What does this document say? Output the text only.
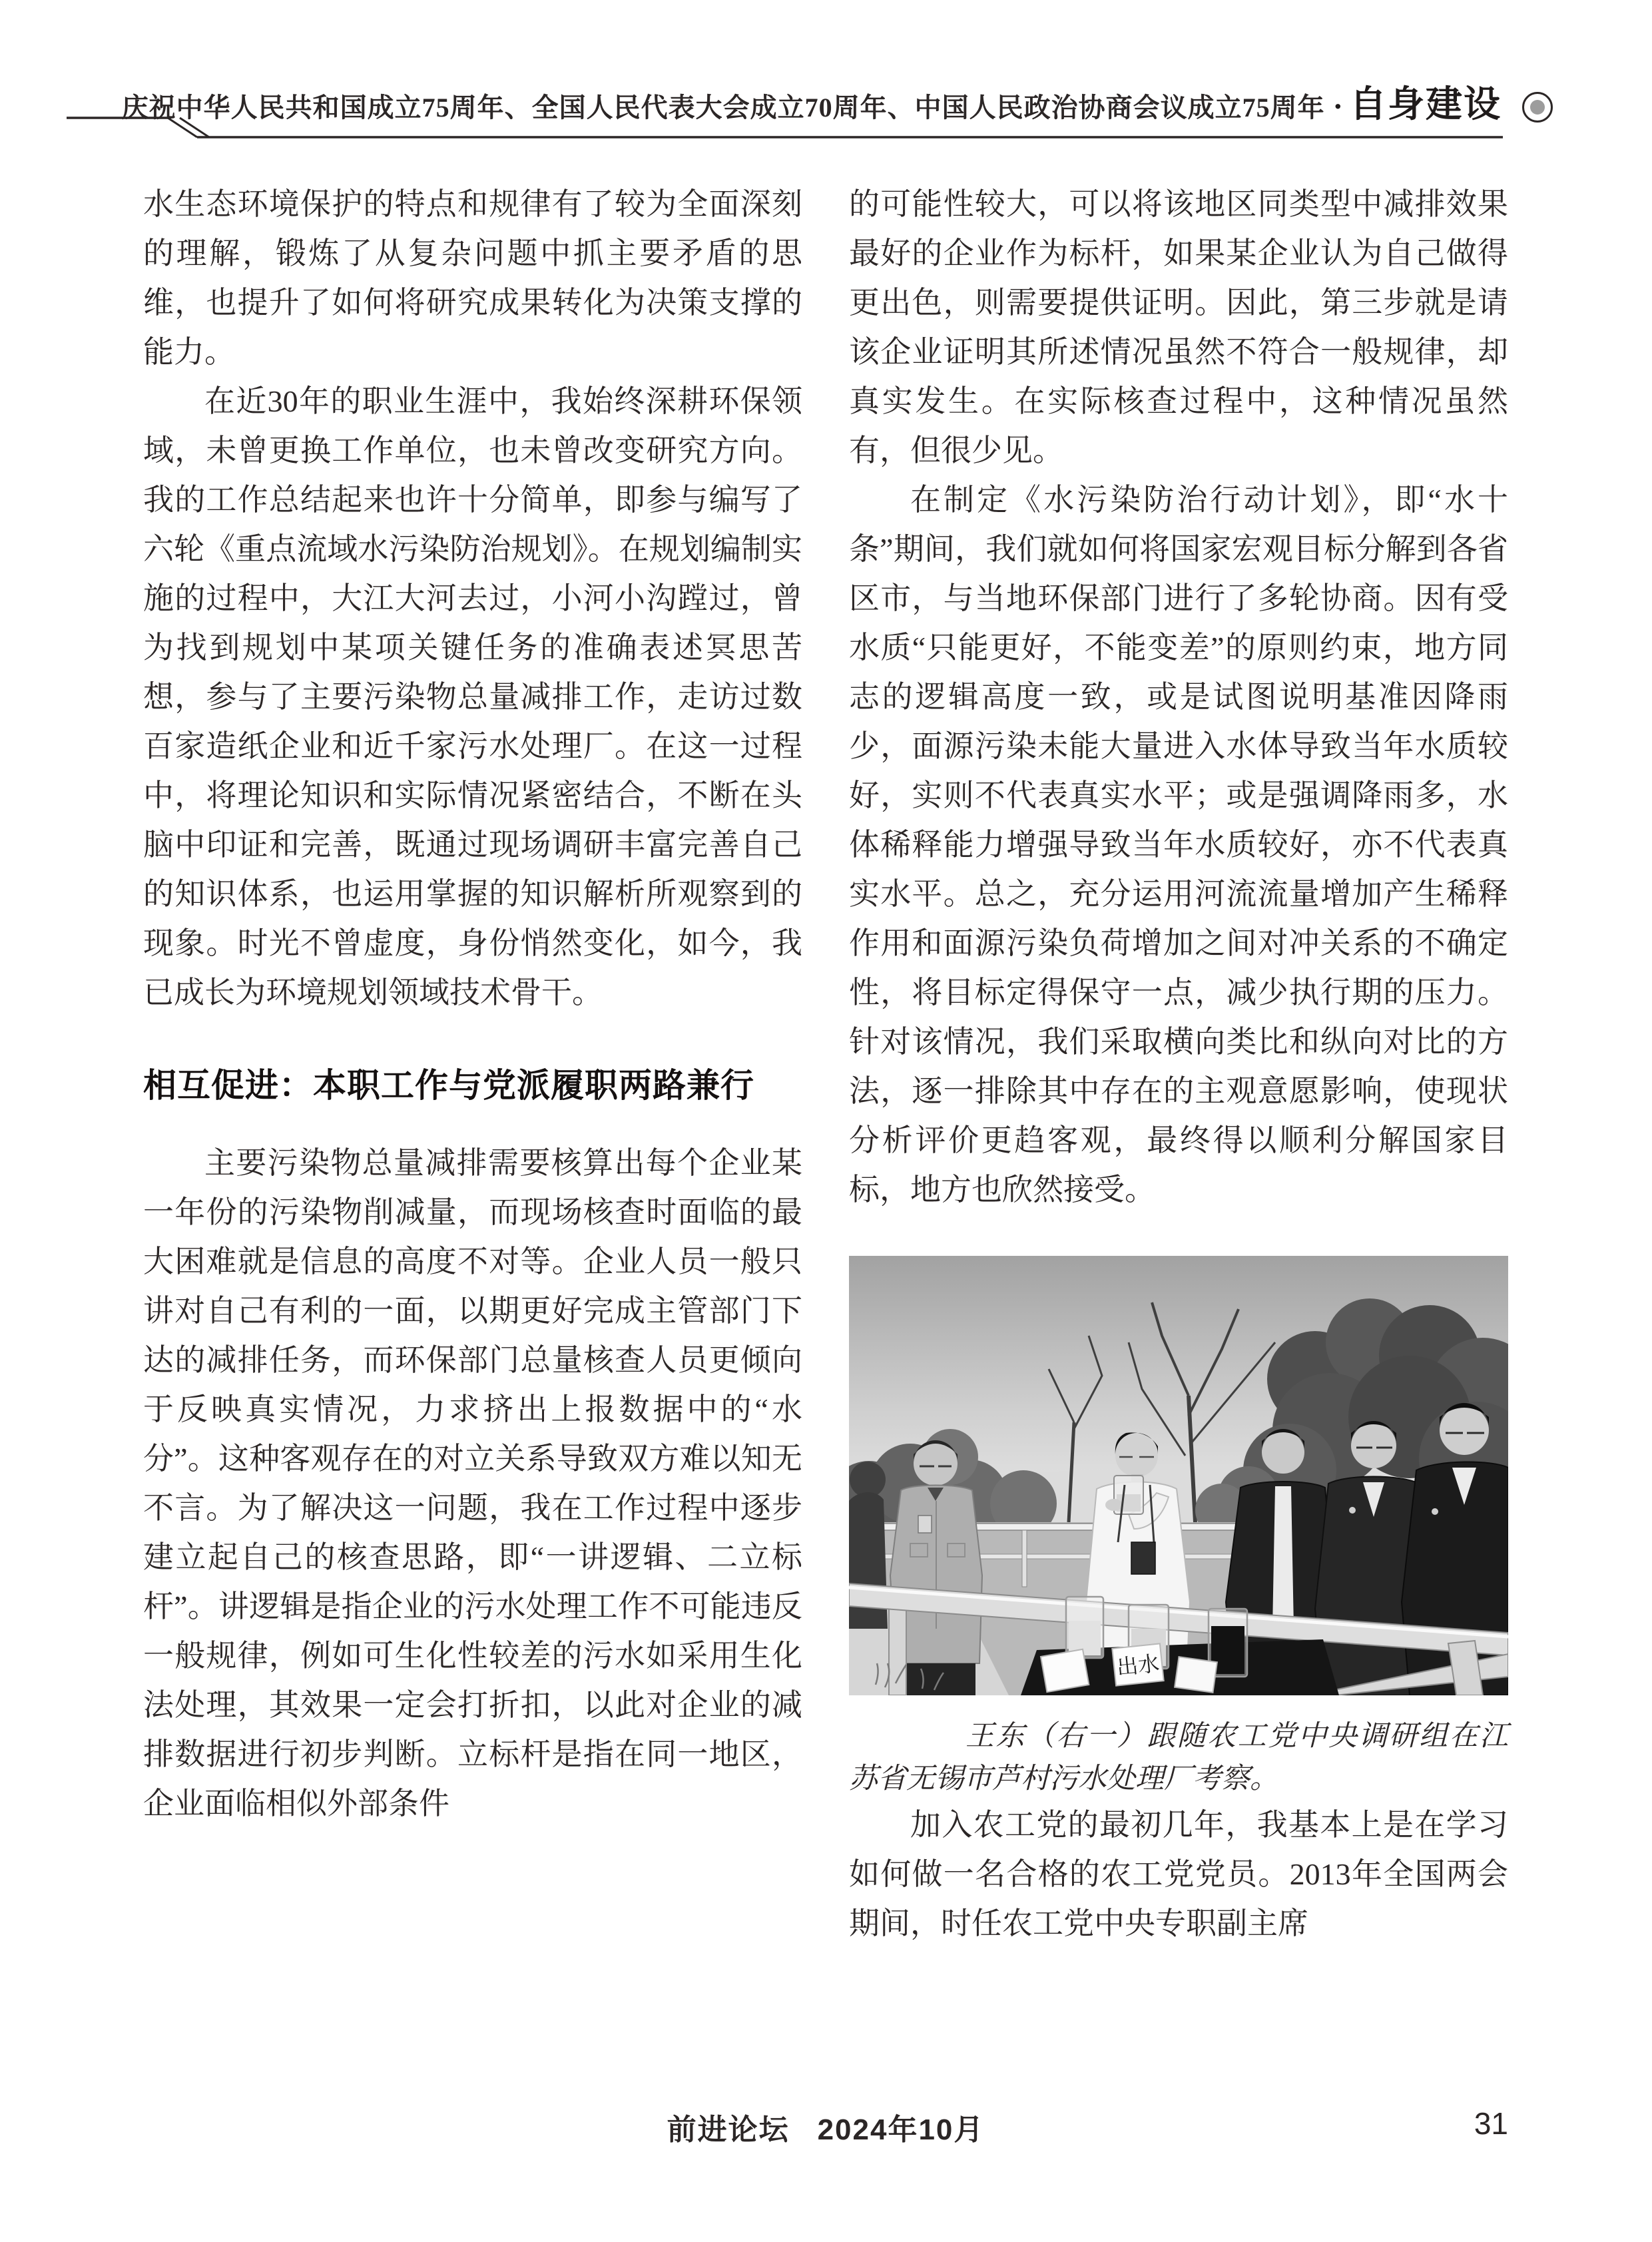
庆祝中华人民共和国成立75周年、全国人民代表大会成立70周年、中国人民政治协商会议成立75周年 · 自身建设

水生态环境保护的特点和规律有了较为全面深刻的理解，锻炼了从复杂问题中抓主要矛盾的思维，也提升了如何将研究成果转化为决策支撑的能力。

在近30年的职业生涯中，我始终深耕环保领域，未曾更换工作单位，也未曾改变研究方向。我的工作总结起来也许十分简单，即参与编写了六轮《重点流域水污染防治规划》。在规划编制实施的过程中，大江大河去过，小河小沟蹚过，曾为找到规划中某项关键任务的准确表述冥思苦想，参与了主要污染物总量减排工作，走访过数百家造纸企业和近千家污水处理厂。在这一过程中，将理论知识和实际情况紧密结合，不断在头脑中印证和完善，既通过现场调研丰富完善自己的知识体系，也运用掌握的知识解析所观察到的现象。时光不曾虚度，身份悄然变化，如今，我已成长为环境规划领域技术骨干。

相互促进：本职工作与党派履职两路兼行

主要污染物总量减排需要核算出每个企业某一年份的污染物削减量，而现场核查时面临的最大困难就是信息的高度不对等。企业人员一般只讲对自己有利的一面，以期更好完成主管部门下达的减排任务，而环保部门总量核查人员更倾向于反映真实情况，力求挤出上报数据中的“水分”。这种客观存在的对立关系导致双方难以知无不言。为了解决这一问题，我在工作过程中逐步建立起自己的核查思路，即“一讲逻辑、二立标杆”。讲逻辑是指企业的污水处理工作不可能违反一般规律，例如可生化性较差的污水如采用生化法处理，其效果一定会打折扣，以此对企业的减排数据进行初步判断。立标杆是指在同一地区，企业面临相似外部条件

的可能性较大，可以将该地区同类型中减排效果最好的企业作为标杆，如果某企业认为自己做得更出色，则需要提供证明。因此，第三步就是请该企业证明其所述情况虽然不符合一般规律，却真实发生。在实际核查过程中，这种情况虽然有，但很少见。

在制定《水污染防治行动计划》，即“水十条”期间，我们就如何将国家宏观目标分解到各省区市，与当地环保部门进行了多轮协商。因有受水质“只能更好，不能变差”的原则约束，地方同志的逻辑高度一致，或是试图说明基准因降雨少，面源污染未能大量进入水体导致当年水质较好，实则不代表真实水平；或是强调降雨多，水体稀释能力增强导致当年水质较好，亦不代表真实水平。总之，充分运用河流流量增加产生稀释作用和面源污染负荷增加之间对冲关系的不确定性，将目标定得保守一点，减少执行期的压力。针对该情况，我们采取横向类比和纵向对比的方法，逐一排除其中存在的主观意愿影响，使现状分析评价更趋客观，最终得以顺利分解国家目标，地方也欣然接受。

出水
王东（右一）跟随农工党中央调研组在江苏省无锡市芦村污水处理厂考察。

加入农工党的最初几年，我基本上是在学习如何做一名合格的农工党党员。2013年全国两会期间，时任农工党中央专职副主席

前进论坛 2024年10月	31
